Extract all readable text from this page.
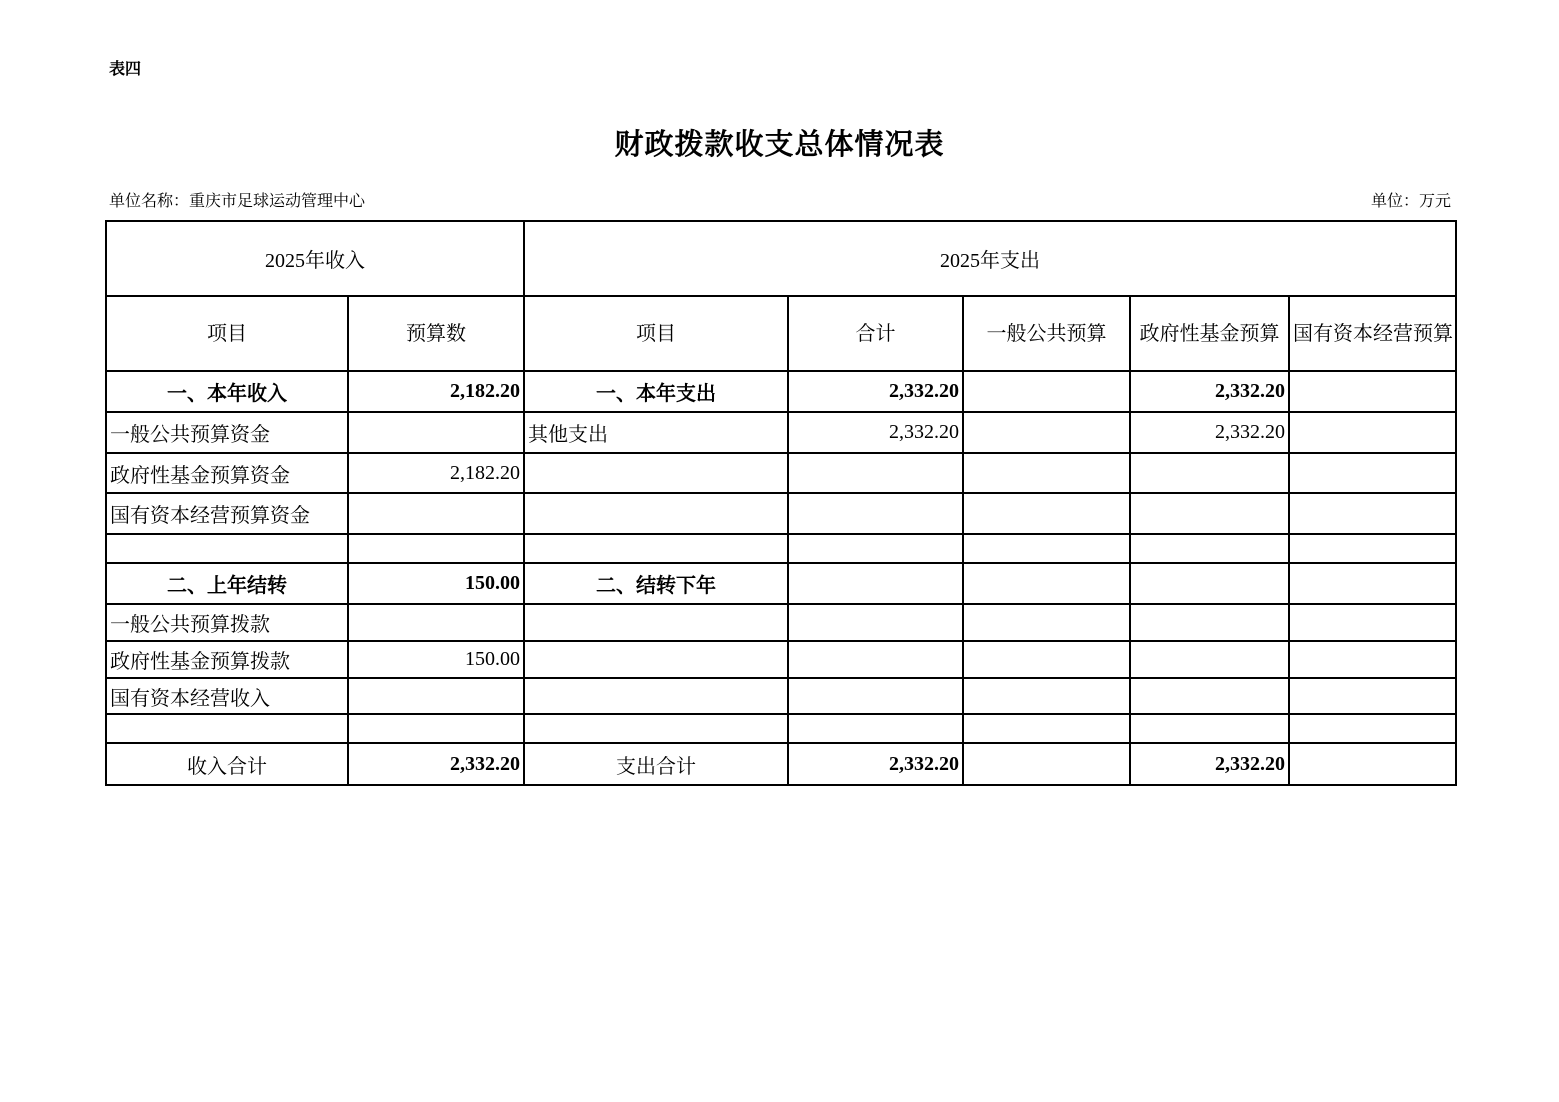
表四
财政拨款收支总体情况表
单位名称：重庆市足球运动管理中心	单位：万元
2025年收入		2025年支出				
项目	预算数	项目	合计	一般公共预算	政府性基金预算	国有资本经营预算
一、本年收入	2,182.20	一、本年支出	2,332.20		2,332.20	
一般公共预算资金		其他支出	2,332.20		2,332.20	
政府性基金预算资金	2,182.20					
国有资本经营预算资金						

二、上年结转	150.00	二、结转下年				
一般公共预算拨款						
政府性基金预算拨款	150.00					
国有资本经营收入						

收入合计	2,332.20	支出合计	2,332.20		2,332.20	
